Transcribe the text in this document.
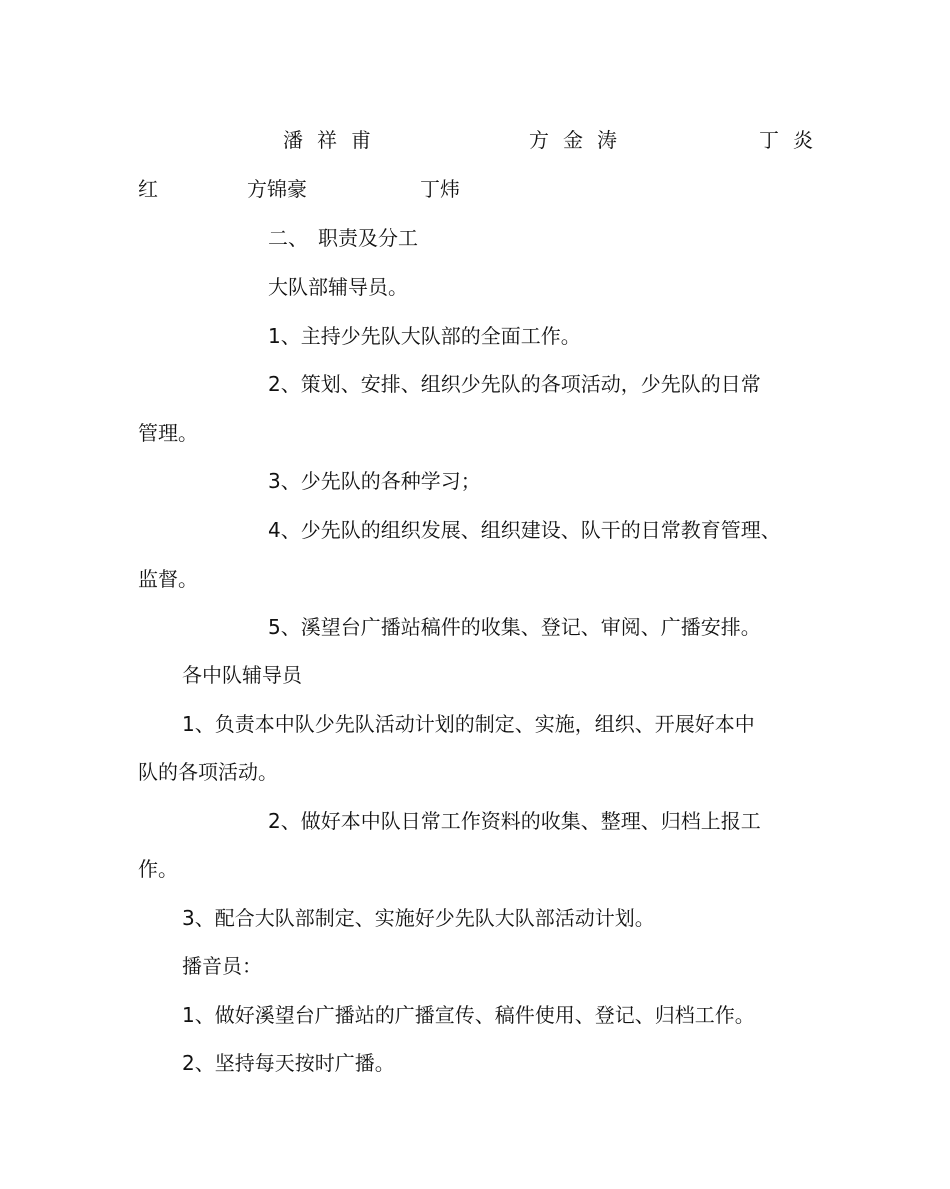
潘祥甫	方金涛	丁炎
红	方锦豪	丁炜
二、　职责及分工
大队部辅导员。
1、主持少先队大队部的全面工作。
2、策划、安排、组织少先队的各项活动，少先队的日常
管理。
3、少先队的各种学习；
4、少先队的组织发展、组织建设、队干的日常教育管理、
监督。
5、溪望台广播站稿件的收集、登记、审阅、广播安排。
各中队辅导员
1、负责本中队少先队活动计划的制定、实施，组织、开展好本中
队的各项活动。
2、做好本中队日常工作资料的收集、整理、归档上报工
作。
3、配合大队部制定、实施好少先队大队部活动计划。
播音员：
1、做好溪望台广播站的广播宣传、稿件使用、登记、归档工作。
2、坚持每天按时广播。
